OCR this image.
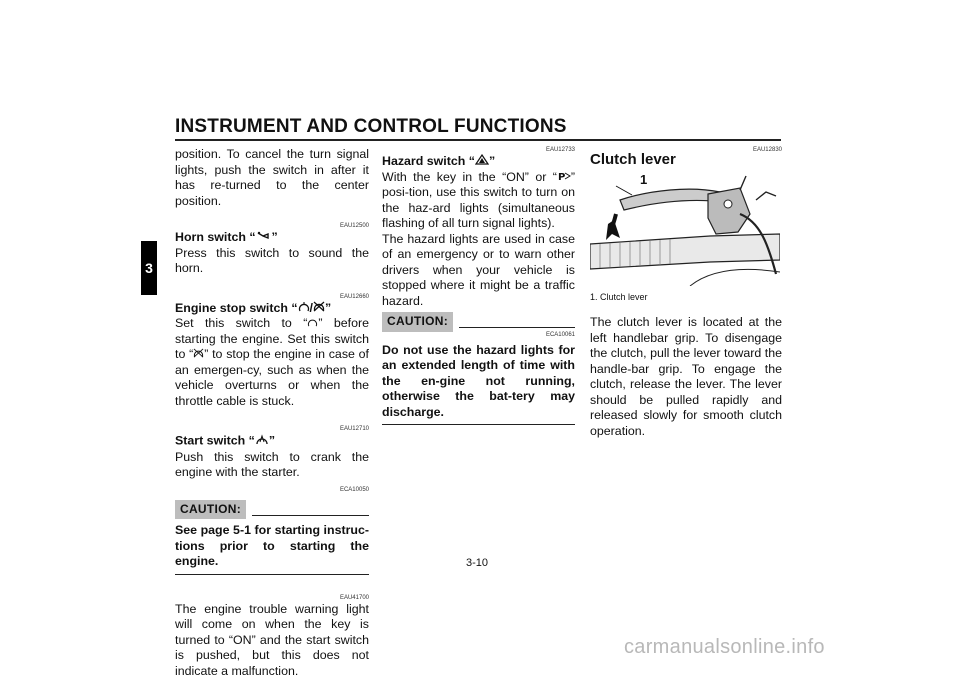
INSTRUMENT AND CONTROL FUNCTIONS
3

position. To cancel the turn signal lights, push the switch in after it has re-turned to the center position.

EAU12500
Horn switch “ ”

Press this switch to sound the horn.

EAU12660
Engine stop switch “ / ”

Set this switch to “ ” before starting the engine. Set this switch to “ ” to stop the engine in case of an emergen-cy, such as when the vehicle overturns or when the throttle cable is stuck.

EAU12710
Start switch “ ”

Push this switch to crank the engine with the starter.

ECA10050
CAUTION:
See page 5-1 for starting instruc-tions prior to starting the engine.
EAU41700

The engine trouble warning light will come on when the key is turned to “ON” and the start switch is pushed, but this does not indicate a malfunction.

EAU12733
Hazard switch “ ”

With the key in the “ON” or “ P ” posi-tion, use this switch to turn on the haz-ard lights (simultaneous flashing of all turn signal lights).

The hazard lights are used in case of an emergency or to warn other drivers when your vehicle is stopped where it might be a traffic hazard.

CAUTION:
ECA10061
Do not use the hazard lights for an extended length of time with the en-gine not running, otherwise the bat-tery may discharge.
EAU12830
Clutch lever
1
1. Clutch lever

The clutch lever is located at the left handlebar grip. To disengage the clutch, pull the lever toward the handle-bar grip. To engage the clutch, release the lever. The lever should be pulled rapidly and released slowly for smooth clutch operation.

3-10
carmanualsonline.info
